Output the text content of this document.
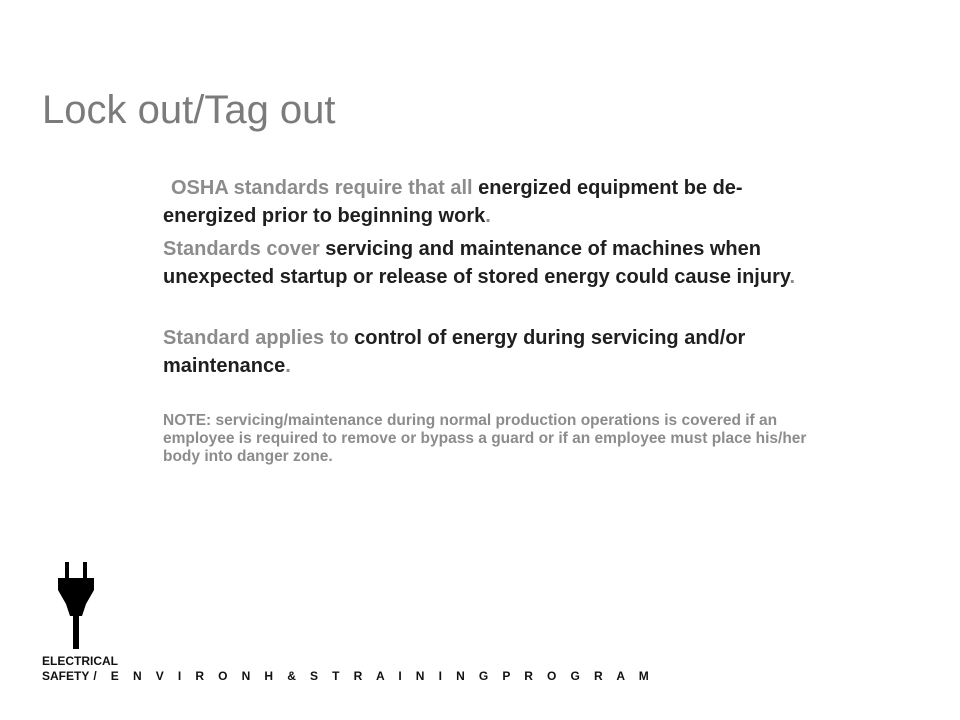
Lock out/Tag out

OSHA standards require that all energized equipment be de-energized prior to beginning work.

Standards cover servicing and maintenance of machines when unexpected startup or release of stored energy could cause injury.

Standard applies to control of energy during servicing and/or maintenance.

NOTE: servicing/maintenance during normal production operations is covered if an employee is required to remove or bypass a guard or if an employee must place his/her body into danger zone.

ELECTRICAL
SAFETY / E N V I R O N H & S T R A I N I N G P R O G R A M
